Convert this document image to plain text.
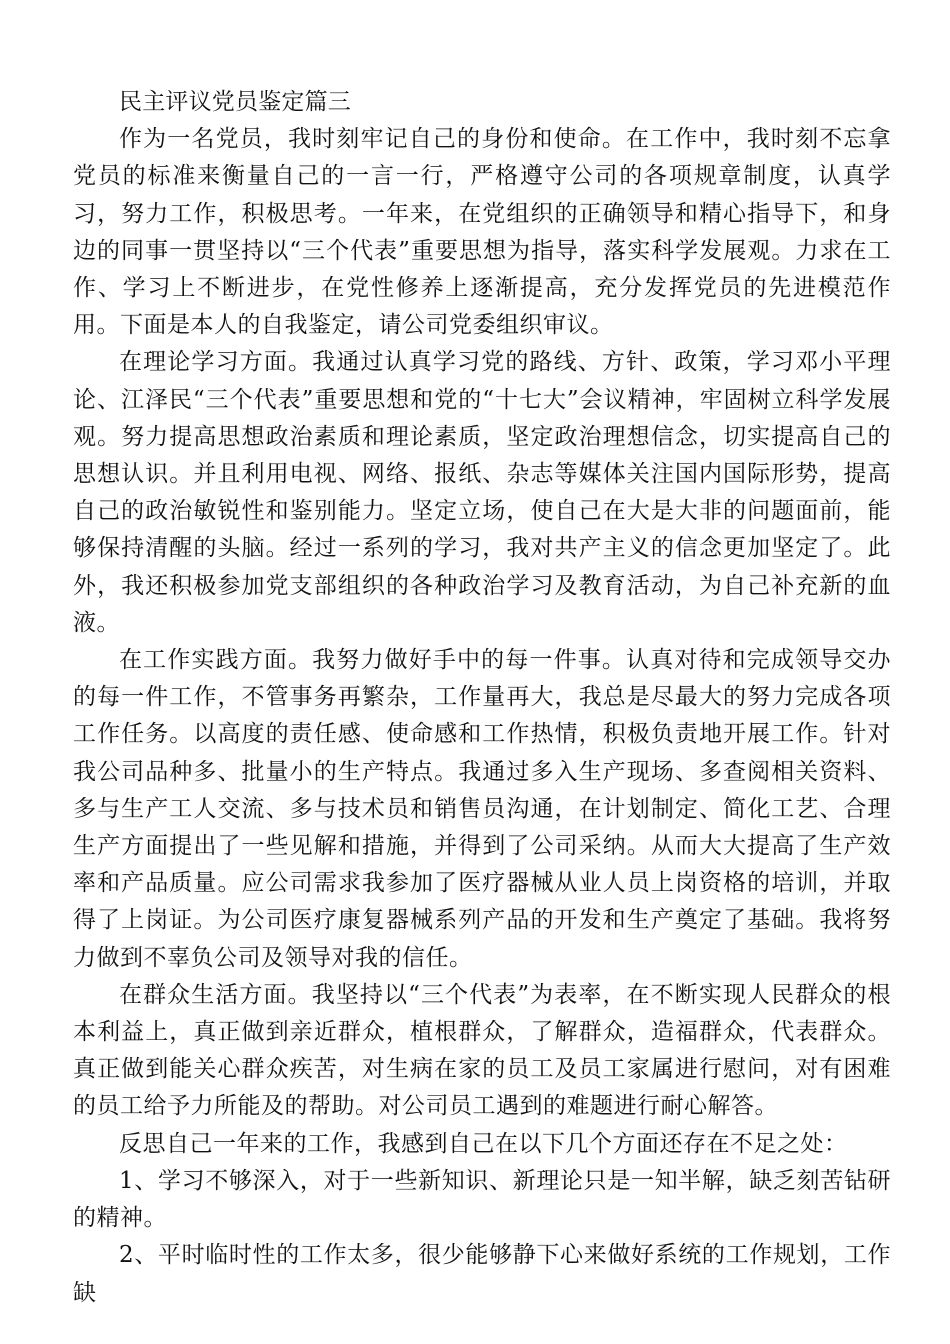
民主评议党员鉴定篇三

作为一名党员，我时刻牢记自己的身份和使命。在工作中，我时刻不忘拿党员的标准来衡量自己的一言一行，严格遵守公司的各项规章制度，认真学习，努力工作，积极思考。一年来，在党组织的正确领导和精心指导下，和身边的同事一贯坚持以“三个代表”重要思想为指导，落实科学发展观。力求在工作、学习上不断进步，在党性修养上逐渐提高，充分发挥党员的先进模范作用。下面是本人的自我鉴定，请公司党委组织审议。

在理论学习方面。我通过认真学习党的路线、方针、政策，学习邓小平理论、江泽民“三个代表”重要思想和党的“十七大”会议精神，牢固树立科学发展观。努力提高思想政治素质和理论素质，坚定政治理想信念，切实提高自己的思想认识。并且利用电视、网络、报纸、杂志等媒体关注国内国际形势，提高自己的政治敏锐性和鉴别能力。坚定立场，使自己在大是大非的问题面前，能够保持清醒的头脑。经过一系列的学习，我对共产主义的信念更加坚定了。此外，我还积极参加党支部组织的各种政治学习及教育活动，为自己补充新的血液。

在工作实践方面。我努力做好手中的每一件事。认真对待和完成领导交办的每一件工作，不管事务再繁杂，工作量再大，我总是尽最大的努力完成各项工作任务。以高度的责任感、使命感和工作热情，积极负责地开展工作。针对我公司品种多、批量小的生产特点。我通过多入生产现场、多查阅相关资料、多与生产工人交流、多与技术员和销售员沟通，在计划制定、简化工艺、合理生产方面提出了一些见解和措施，并得到了公司采纳。从而大大提高了生产效率和产品质量。应公司需求我参加了医疗器械从业人员上岗资格的培训，并取得了上岗证。为公司医疗康复器械系列产品的开发和生产奠定了基础。我将努力做到不辜负公司及领导对我的信任。

在群众生活方面。我坚持以“三个代表”为表率，在不断实现人民群众的根本利益上，真正做到亲近群众，植根群众，了解群众，造福群众，代表群众。真正做到能关心群众疾苦，对生病在家的员工及员工家属进行慰问，对有困难的员工给予力所能及的帮助。对公司员工遇到的难题进行耐心解答。

反思自己一年来的工作，我感到自己在以下几个方面还存在不足之处：

1、学习不够深入，对于一些新知识、新理论只是一知半解，缺乏刻苦钻研的精神。

2、平时临时性的工作太多，很少能够静下心来做好系统的工作规划，工作缺
